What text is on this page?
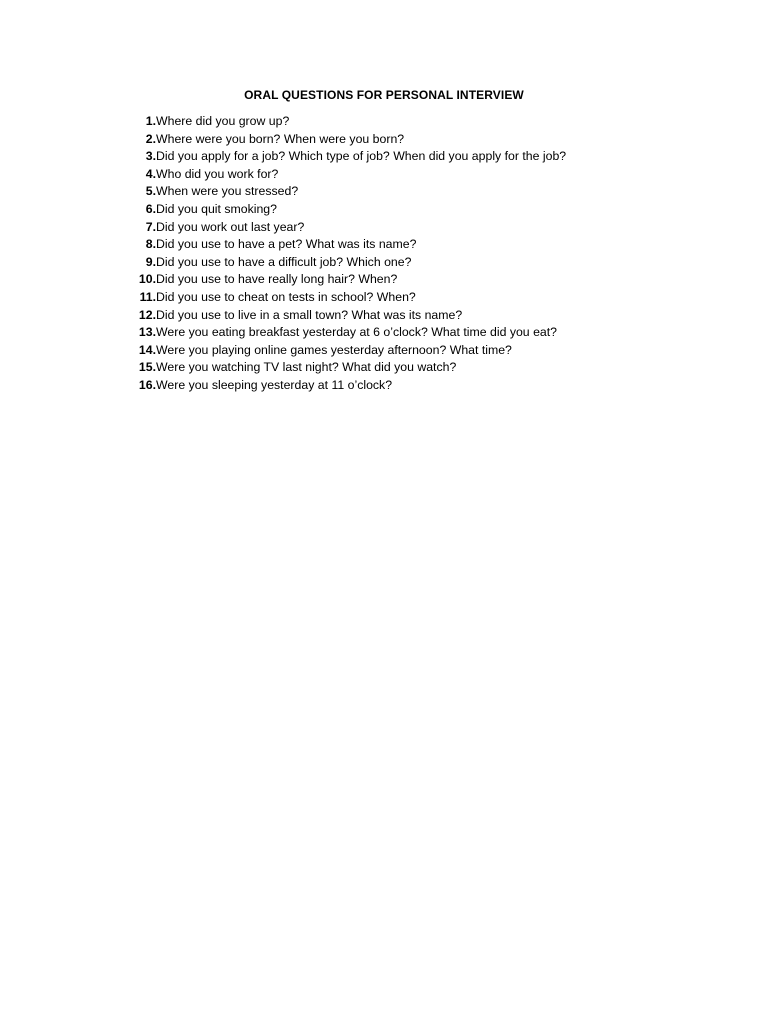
ORAL QUESTIONS FOR PERSONAL INTERVIEW
1. Where did you grow up?
2. Where were you born? When were you born?
3. Did you apply for a job? Which type of job? When did you apply for the job?
4. Who did you work for?
5. When were you stressed?
6. Did you quit smoking?
7. Did you work out last year?
8. Did you use to have a pet? What was its name?
9. Did you use to have a difficult job? Which one?
10. Did you use to have really long hair? When?
11. Did you use to cheat on tests in school? When?
12. Did you use to live in a small town? What was its name?
13. Were you eating breakfast yesterday at 6 o’clock? What time did you eat?
14. Were you playing online games yesterday afternoon? What time?
15. Were you watching TV last night? What did you watch?
16. Were you sleeping yesterday at 11 o’clock?
